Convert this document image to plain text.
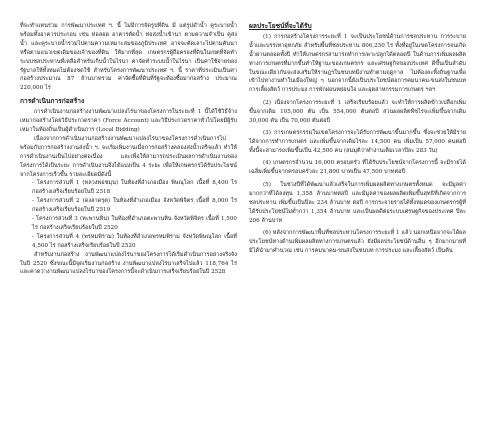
ที่จะทำแทนร่วม การพัฒนาประเทศ ฯ. นี้ ไม่มีการจัดรูปที่ดิน มี แต่รูปดำน้ำ คูระบายน้ำ พร้อมทั้งอาคารประกอบ เช่น ท่อลอด อาคารตัดน้ำ ท่อส่งน้ำเข้านา ตามความจำเป็น คูส่งน้ำ และคูระบายน้ำรวมไปตามความเหมาะสมของภูมิประเทศ อาจจะตัดเลาะไปตามคันนาหรือตามแนวเขตเดิมของเจ้าของที่ดิน ให้มากที่สุด เกษตรกรผู้ถือครองที่ดินในเขตที่จัดทำระบบชลประทานที่เหลือสำหรับเก็บน้ำในไร่นา ค่าจัดทำระบบน้ำในไร่นา เป็นค่าใช้จ่ายของรัฐบาลให้ทั้งหมดไม่ต้องชดใช้ สำหรับโครงการพัฒนาประเทศ ฯ. นี้ ราคาที่ประเมินเป็นค่าก่อสร้างประมาณ 87 ล้านบาทรวม ค่าจัดซื้อที่ดินที่รัฐจะต้องซื้อมาก่อสร้าง ประมาณ 220,000 ไร่

การดำเนินการก่อสร้าง

การดำเนินงานก่อสร้างงานพัฒนาแปลงไร่นาของโครงการในระยะที่ 1 นี้ได้ใช้วิธีจ้างเหมาก่อสร้างโดยวิธีประกวดราคา (Force Account) และวิธีประกวดราคาทั่วไปโดยมีผู้รับเหมาในท้องถิ่นเป็นผู้ดำเนินการ (Local Bidding)

เนื่องจากการดำเนินงานก่อสร้างงานพัฒนาแปลงไร่นาของโครงการดำเนินการไปพร้อมกับการก่อสร้างงานส่งน้ำ ฯ. จะเริ่มเพิ่มงานเมื่อการก่อสร้างคลองส่งน้ำเสร็จแล้ว ทำให้การดำเนินงานเป็นไปอย่างต่อเนื่อง และเพื่อให้สามารถประเมินผลการดำเนินงานของโครงการได้เป็นระยะ การดำเนินงานจึงได้แบ่งเป็น 4 ระยะ เพื่อให้เกษตรกรได้รับประโยชน์จากโครงการเร็วขึ้น รายละเอียดมีดังนี้

- โครงการส่วนที่ 1 (หลวงพ่อชมุน) ในท้องที่อำเภอเมือง พิษณุโลก เนื้อที่ 8,400 ไร่ ก่อสร้างเสร็จเรียบร้อยในปี 2518

- โครงการส่วนที่ 2 (ดงลาดรุต) ในท้องที่อำเภอเมือง จังหวัดพิจิตร เนื้อที่ 8,000 ไร่ ก่อสร้างเสร็จเรียบร้อยในปี 2519

- โครงการส่วนที่ 3 (หะพานหิน) ในท้องที่อำเภอตะพานหิน จังหวัดพิจิตร เนื้อที่ 1,500 ไร่ ก่อสร้างเสร็จเรียบร้อยในปี 2520

- โครงการส่วนที่ 4 (พรหมพิราม) ในท้องที่อำเภอพรหมพิราม จังหวัดพิษณุโลก เนื้อที่ 4,500 ไร่ ก่อสร้างเสร็จเรียบร้อยในปี 2520

สำหรับงานก่อสร้าง งานพัฒนาแปลงไร่นาของโครงการได้เริ่มดำเนินการอย่างจริงจังในปี 2520 ซึ่งขณะนี้มีจุดเริ่มงานก่อสร้าง งานพัฒนาแปลงไร่นาเสร็จไปแล้ว 118,764 ไร่ และคาดว่างานพัฒนาแปลงไร่นาของโครงการนี้จะดำเนินการเสร็จเรียบร้อยในปี 2528

ผลประโยชน์ที่จะได้รับ

(1) การก่อสร้างโครงการระยะที่ 1 จะเป็นประโยชน์ด้านการชลประทาน การระบายน้ำและบรรเทาอุทกภัย สำหรับพื้นที่ชลประทาน 806,250 ไร่ ทั้งที่อยู่ในเขตโครงการจนเกิดน้ำผ่านตลอดทั้งปี ทำให้เกษตรกรสามารถทำการเพาะปลูกได้ตลอดปี ในด้านการเพิ่มผลผลิตทางการเกษตรที่มากขึ้นทำให้ฐานะของเกษตรกร และเศรษฐกิจของประเทศ ดีขึ้นเป็นลำดับ ในขณะเดียวกันจะส่งเสริมให้ราษฎรในชนบทมีงานทำตามฤดูกาล ไม่ต้องละทิ้งถิ่นฐานเพื่อเข้าไปหางานทำในเมืองใหญ่ ๆ นอกจากนี้ยังเป็นประโยชน์ต่อการคมนาคม-ขนส่งในชนบท การเลี้ยงสัตว์ การประมง การพักผ่อนหย่อนใจ และอุตสาหกรรมการเกษตร ฯลฯ

(2) เนื่องจากโครงการระยะที่ 1 เสร็จเรียบร้อยแล้ว จะทำให้การผลิตข้าวเปลือกเพิ่มขึ้นจากเดิม 105,000 ตัน เป็น 554,000 ตันต่อปี ส่วนผลผลิตพืชไร่จะเพิ่มขึ้นจากเดิม 30,000 ตัน เป็น 70,000 ตันต่อปี

(3) การเกษตรกรรมในเขตโครงการจะได้รับการพัฒนาขึ้นมากขึ้น ซึ่งจะช่วยให้มีรายได้จากการทำการเกษตร และเพิ่มขึ้นจากเดิมไร่ละ 14,500 คน เพิ่มเป็น 57,000 คนต่อปี ทั้งนี้จะสามารถเพิ่มขึ้นเป็น 42,500 คน (สมมุติว่าทำงานเต็มเวลาปีละ 283 วัน)

(4) เกษตรกรจำนวน 16,000 ครอบครัว ที่ได้รับประโยชน์จากโครงการนี้ จะมีรายได้เฉลี่ยเพิ่มขึ้นจากครอบครัวละ 21,800 บาทเป็น 47,500 บาทต่อปี

(5) ในช่วงปีที่ได้พัฒนาแล้วเสร็จในการเพิ่มผลผลิตทางเกษตรทั้งหมด จะมีมูลค่ามากกว่าที่ได้ลงทุน 1,358 ล้านบาทต่อปี และมีมูลค่าของผลผลิตเพิ่มขึ้นสุทธิที่เกิดจากการชลประทาน เพิ่มขึ้นเป็นปีละ 234 ล้านบาท ต่อปี การกระจายรายได้ทั้งหมดของเกษตรกรผู้ที่ได้รับประโยชน์ไม่ต่ำกว่า 1,354 ล้านบาท และเป็นผลดีต่อระบบเศรษฐกิจของประเทศ ปีละ 206 ล้านบาท

(6) หลังจากการพัฒนาพื้นที่ชลประทานโครงการระยะที่ 1 แล้ว นอกเหนือจากจะได้ผลประโยชน์ทางด้านเพิ่มผลผลิตทางการเกษตรแล้ว ยังมีผลประโยชน์ด้านอื่น ๆ อีกมากมายที่มิได้นำมาคำนวณ เช่น การคมนาคม-ขนส่งในชนบท การประมง และเลี้ยงสัตว์ เป็นต้น
